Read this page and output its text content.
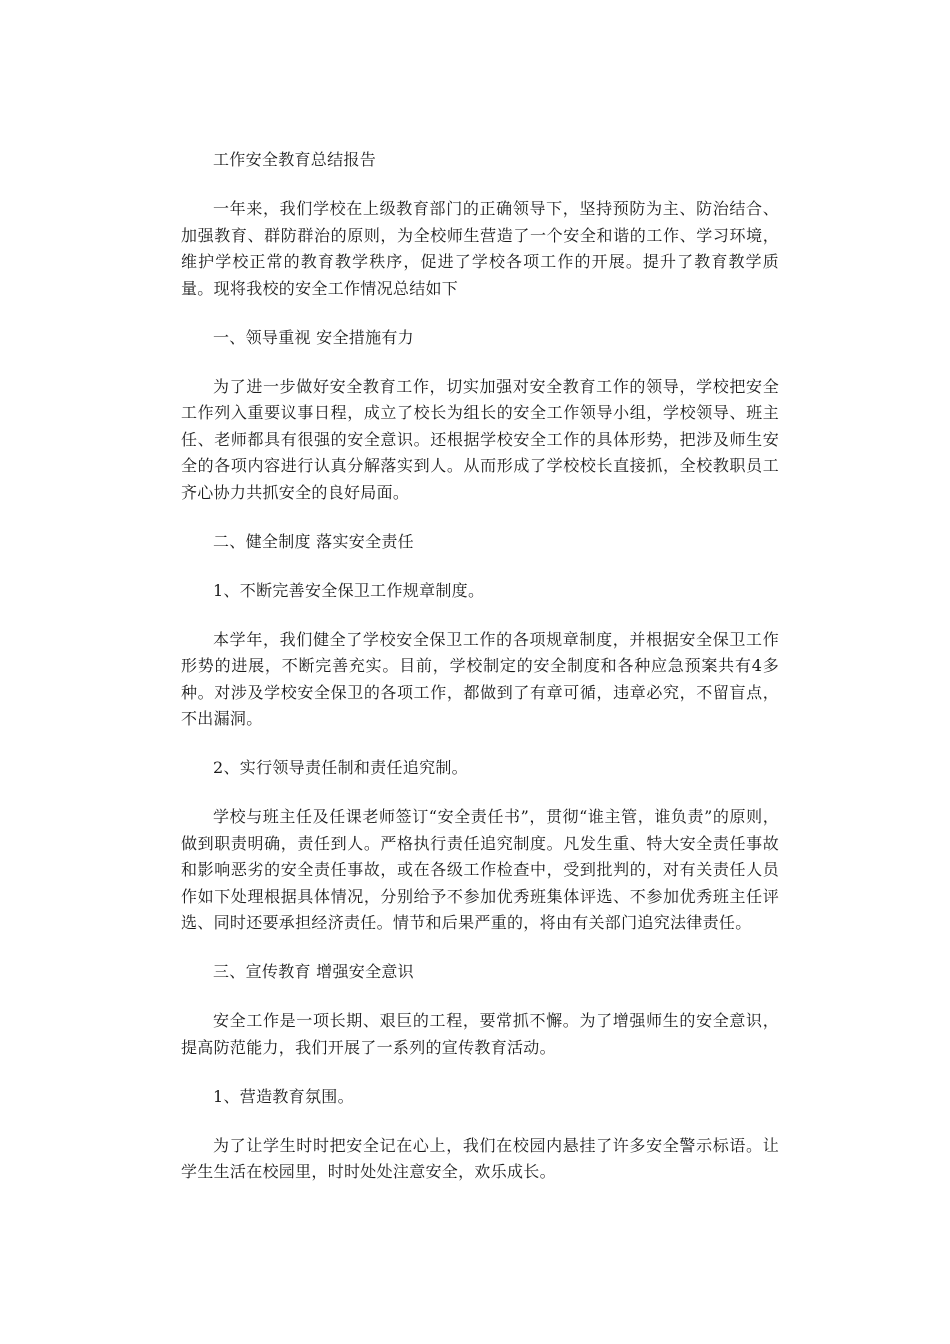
工作安全教育总结报告

一年来，我们学校在上级教育部门的正确领导下，坚持预防为主、防治结合、加强教育、群防群治的原则，为全校师生营造了一个安全和谐的工作、学习环境，维护学校正常的教育教学秩序，促进了学校各项工作的开展。提升了教育教学质量。现将我校的安全工作情况总结如下

一、领导重视 安全措施有力

为了进一步做好安全教育工作，切实加强对安全教育工作的领导，学校把安全工作列入重要议事日程，成立了校长为组长的安全工作领导小组，学校领导、班主任、老师都具有很强的安全意识。还根据学校安全工作的具体形势，把涉及师生安全的各项内容进行认真分解落实到人。从而形成了学校校长直接抓，全校教职员工齐心协力共抓安全的良好局面。

二、健全制度 落实安全责任

1、不断完善安全保卫工作规章制度。

本学年，我们健全了学校安全保卫工作的各项规章制度，并根据安全保卫工作形势的进展，不断完善充实。目前，学校制定的安全制度和各种应急预案共有4多种。对涉及学校安全保卫的各项工作，都做到了有章可循，违章必究，不留盲点，不出漏洞。

2、实行领导责任制和责任追究制。

学校与班主任及任课老师签订“安全责任书”，贯彻“谁主管，谁负责”的原则，做到职责明确，责任到人。严格执行责任追究制度。凡发生重、特大安全责任事故和影响恶劣的安全责任事故，或在各级工作检查中，受到批判的，对有关责任人员作如下处理根据具体情况，分别给予不参加优秀班集体评选、不参加优秀班主任评选、同时还要承担经济责任。情节和后果严重的，将由有关部门追究法律责任。

三、宣传教育 增强安全意识

安全工作是一项长期、艰巨的工程，要常抓不懈。为了增强师生的安全意识，提高防范能力，我们开展了一系列的宣传教育活动。

1、营造教育氛围。

为了让学生时时把安全记在心上，我们在校园内悬挂了许多安全警示标语。让学生生活在校园里，时时处处注意安全，欢乐成长。
